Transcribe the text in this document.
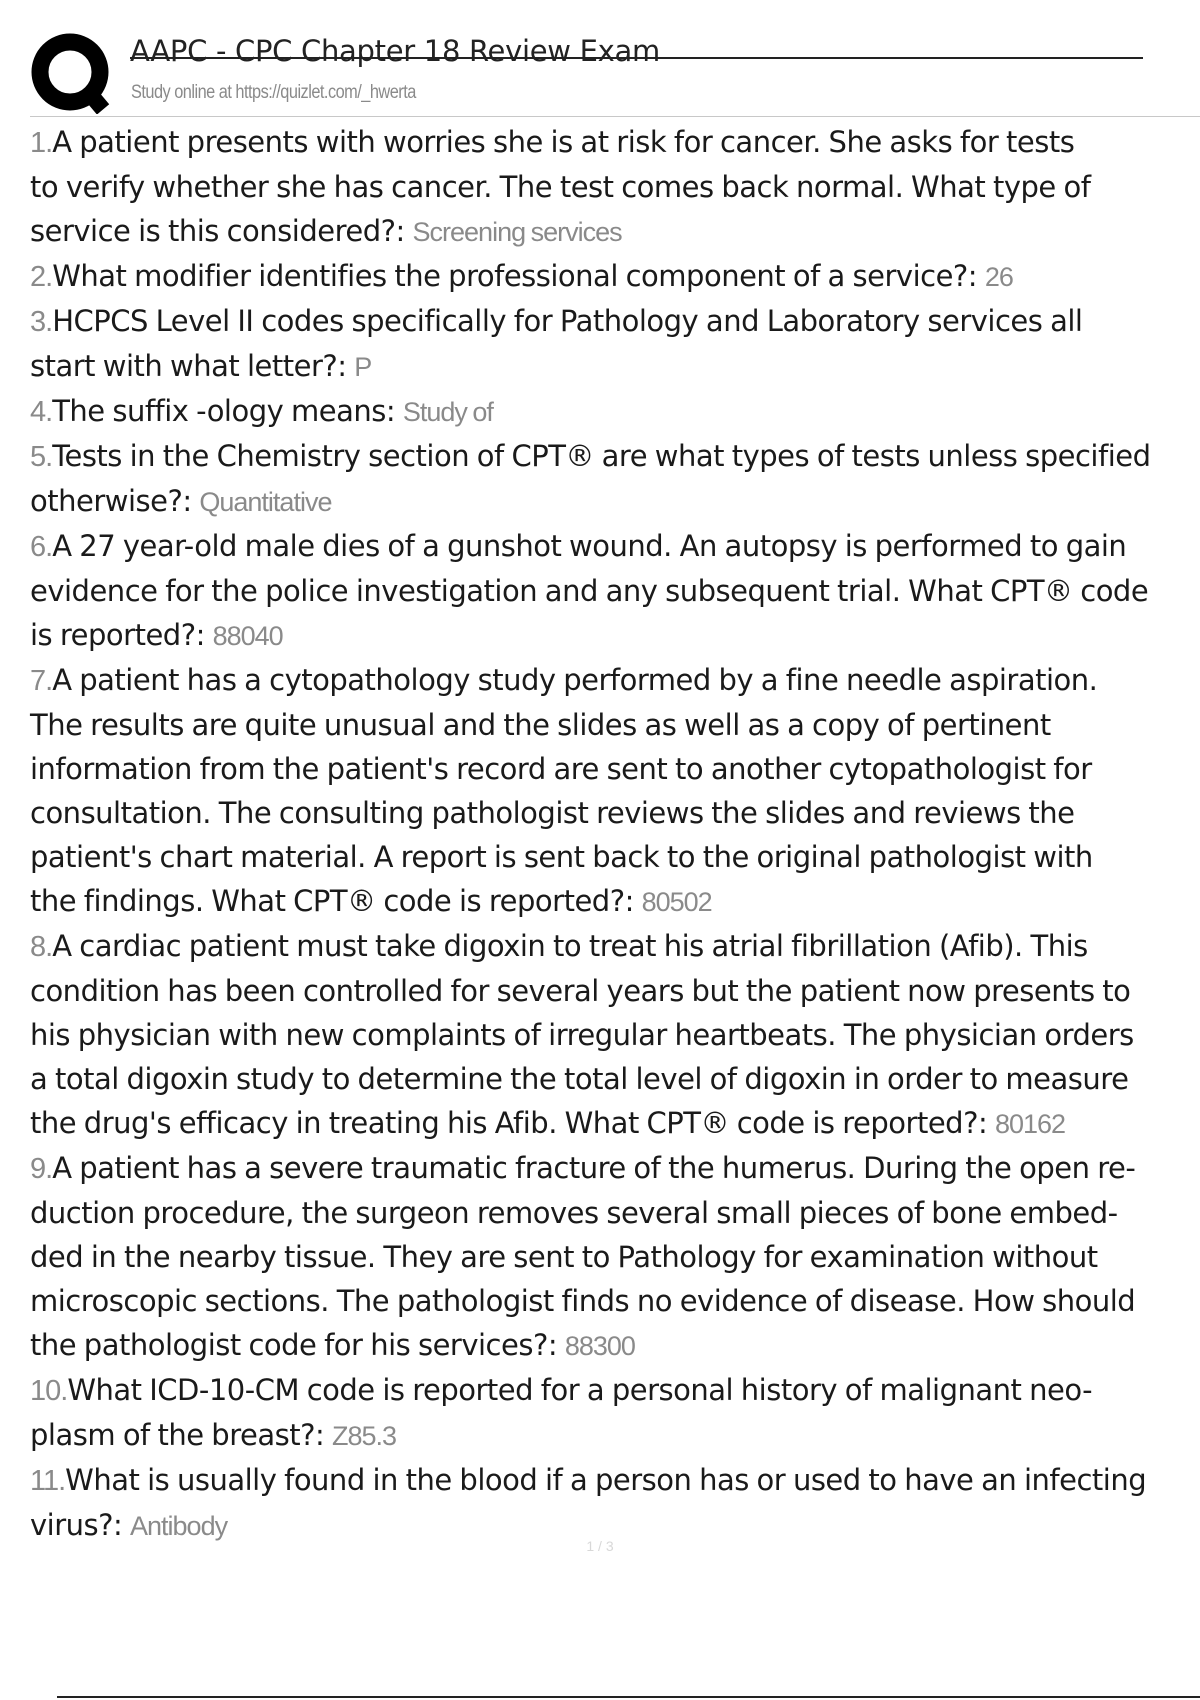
AAPC - CPC Chapter 18 Review Exam
Study online at https://quizlet.com/_hwerta
1.A patient presents with worries she is at risk for cancer. She asks for tests
to verify whether she has cancer. The test comes back normal. What type of
service is this considered?: Screening services
2.What modifier identifies the professional component of a service?: 26
3.HCPCS Level II codes specifically for Pathology and Laboratory services all
start with what letter?: P
4.The suffix -ology means: Study of
5.Tests in the Chemistry section of CPT® are what types of tests unless specified
otherwise?: Quantitative
6.A 27 year-old male dies of a gunshot wound. An autopsy is performed to gain
evidence for the police investigation and any subsequent trial. What CPT® code
is reported?: 88040
7.A patient has a cytopathology study performed by a fine needle aspiration.
The results are quite unusual and the slides as well as a copy of pertinent
information from the patient's record are sent to another cytopathologist for
consultation. The consulting pathologist reviews the slides and reviews the
patient's chart material. A report is sent back to the original pathologist with
the findings. What CPT® code is reported?: 80502
8.A cardiac patient must take digoxin to treat his atrial fibrillation (Afib). This
condition has been controlled for several years but the patient now presents to
his physician with new complaints of irregular heartbeats. The physician orders
a total digoxin study to determine the total level of digoxin in order to measure
the drug's efficacy in treating his Afib. What CPT® code is reported?: 80162
9.A patient has a severe traumatic fracture of the humerus. During the open re-
duction procedure, the surgeon removes several small pieces of bone embed-
ded in the nearby tissue. They are sent to Pathology for examination without
microscopic sections. The pathologist finds no evidence of disease. How should
the pathologist code for his services?: 88300
10.What ICD-10-CM code is reported for a personal history of malignant neo-
plasm of the breast?: Z85.3
11.What is usually found in the blood if a person has or used to have an infecting
virus?: Antibody
1 / 3
